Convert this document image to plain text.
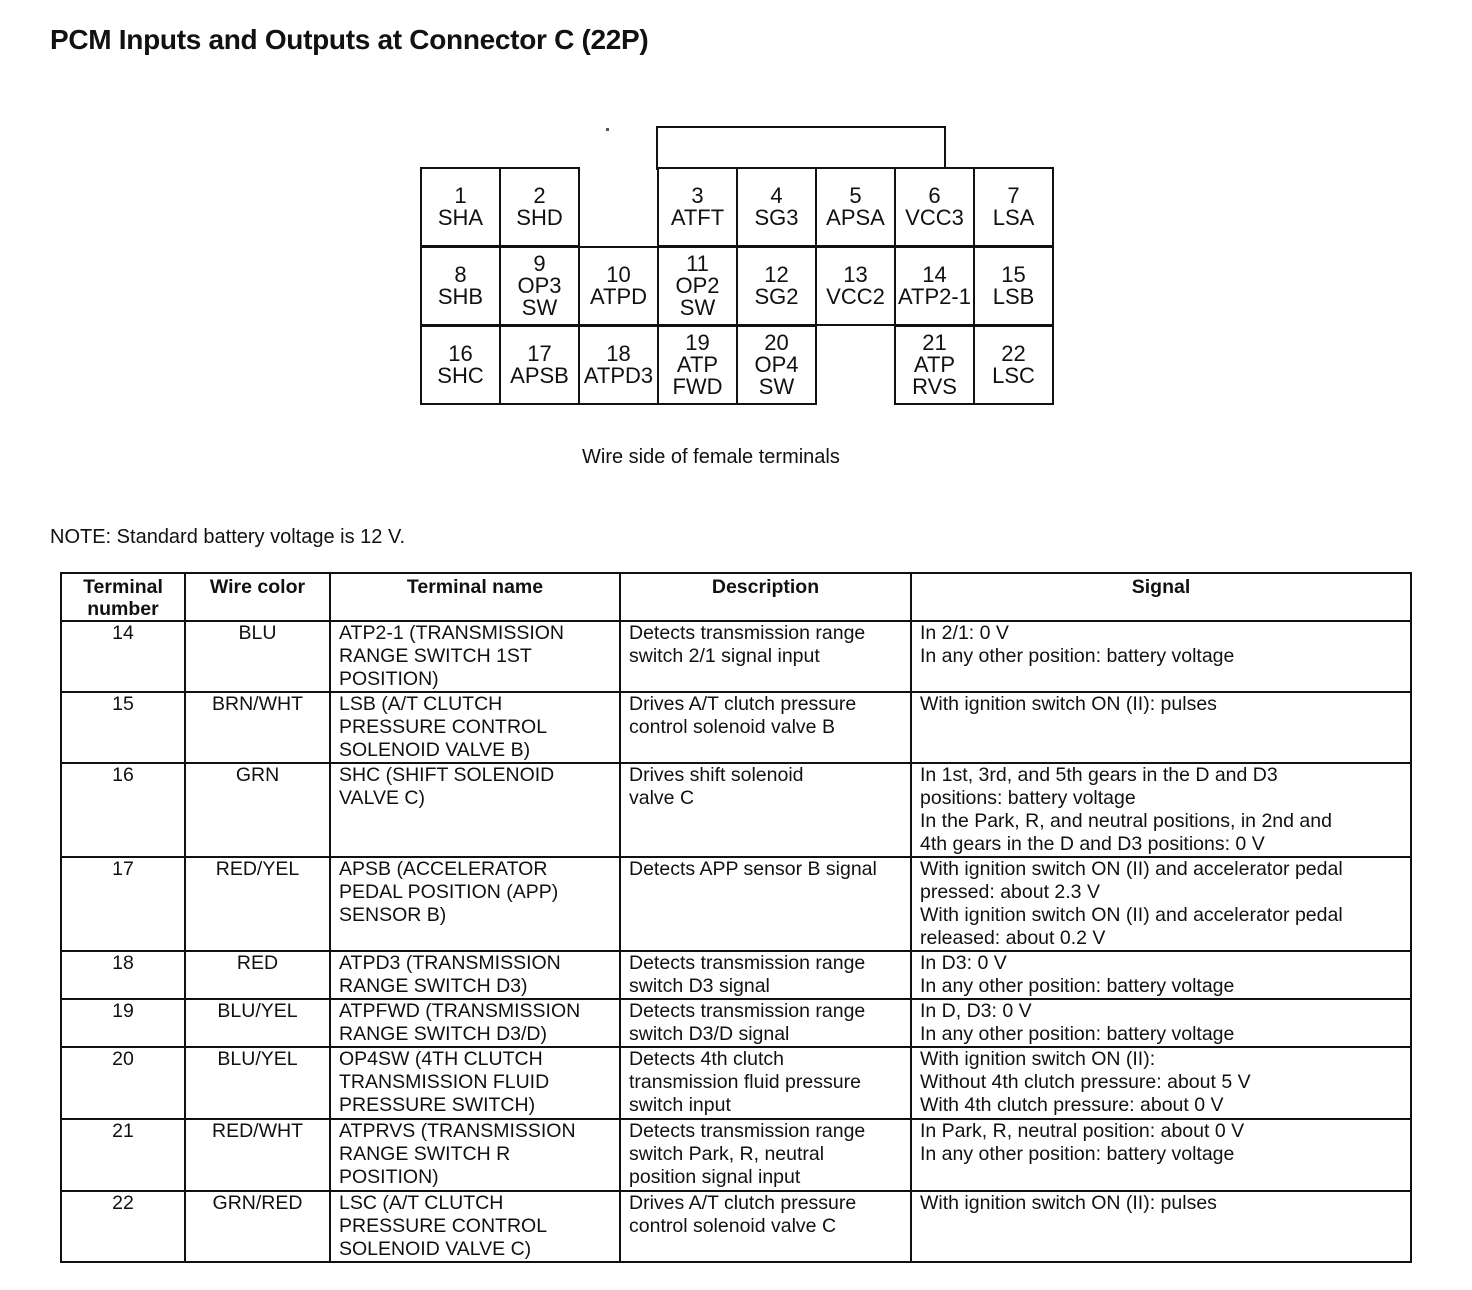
PCM Inputs and Outputs at Connector C (22P)
1
SHA
2
SHD
3
ATFT
4
SG3
5
APSA
6
VCC3
7
LSA
8
SHB
9
OP3
SW
10
ATPD
11
OP2
SW
12
SG2
13
VCC2
14
ATP2-1
15
LSB
16
SHC
17
APSB
18
ATPD3
19
ATP
FWD
20
OP4
SW
21
ATP
RVS
22
LSC
Wire side of female terminals
NOTE: Standard battery voltage is 12 V.
Terminal number	Wire color	Terminal name	Description	Signal
14	BLU	ATP2-1 (TRANSMISSION
RANGE SWITCH 1ST
POSITION)	Detects transmission range
switch 2/1 signal input	In 2/1: 0 V
In any other position: battery voltage

15	BRN/WHT	LSB (A/T CLUTCH
PRESSURE CONTROL
SOLENOID VALVE B)	Drives A/T clutch pressure
control solenoid valve B	With ignition switch ON (II): pulses

16	GRN	SHC (SHIFT SOLENOID
VALVE C)	Drives shift solenoid
valve C	In 1st, 3rd, and 5th gears in the D and D3
positions: battery voltage
In the Park, R, and neutral positions, in 2nd and
4th gears in the D and D3 positions: 0 V

17	RED/YEL	APSB (ACCELERATOR
PEDAL POSITION (APP)
SENSOR B)	Detects APP sensor B signal	With ignition switch ON (II) and accelerator pedal
pressed: about 2.3 V
With ignition switch ON (II) and accelerator pedal
released: about 0.2 V

18	RED	ATPD3 (TRANSMISSION
RANGE SWITCH D3)	Detects transmission range
switch D3 signal	In D3: 0 V
In any other position: battery voltage

19	BLU/YEL	ATPFWD (TRANSMISSION
RANGE SWITCH D3/D)	Detects transmission range
switch D3/D signal	In D, D3: 0 V
In any other position: battery voltage

20	BLU/YEL	OP4SW (4TH CLUTCH
TRANSMISSION FLUID
PRESSURE SWITCH)	Detects 4th clutch
transmission fluid pressure
switch input	With ignition switch ON (II):
Without 4th clutch pressure: about 5 V
With 4th clutch pressure: about 0 V

21	RED/WHT	ATPRVS (TRANSMISSION
RANGE SWITCH R
POSITION)	Detects transmission range
switch Park, R, neutral
position signal input	In Park, R, neutral position: about 0 V
In any other position: battery voltage

22	GRN/RED	LSC (A/T CLUTCH
PRESSURE CONTROL
SOLENOID VALVE C)	Drives A/T clutch pressure
control solenoid valve C	With ignition switch ON (II): pulses
